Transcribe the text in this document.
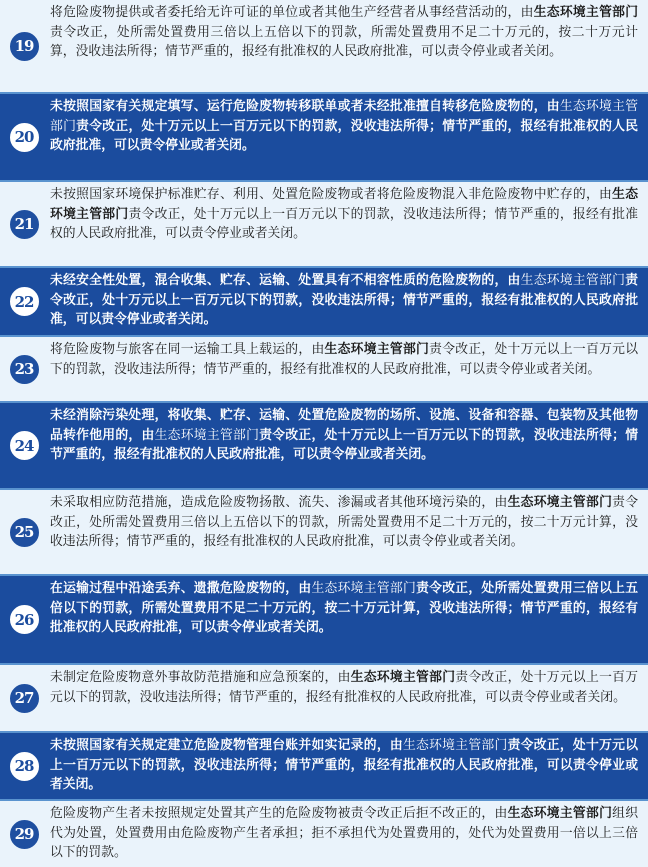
19
将危险废物提供或者委托给无许可证的单位或者其他生产经营者从事经营活动的，由生态环境主管部门责令改正，处所需处置费用三倍以上五倍以下的罚款，所需处置费用不足二十万元的，按二十万元计算，没收违法所得；情节严重的，报经有批准权的人民政府批准，可以责令停业或者关闭。
20
未按照国家有关规定填写、运行危险废物转移联单或者未经批准擅自转移危险废物的，由生态环境主管部门责令改正，处十万元以上一百万元以下的罚款，没收违法所得；情节严重的，报经有批准权的人民政府批准，可以责令停业或者关闭。
21
未按照国家环境保护标准贮存、利用、处置危险废物或者将危险废物混入非危险废物中贮存的，由生态环境主管部门责令改正，处十万元以上一百万元以下的罚款，没收违法所得；情节严重的，报经有批准权的人民政府批准，可以责令停业或者关闭。
22
未经安全性处置，混合收集、贮存、运输、处置具有不相容性质的危险废物的，由生态环境主管部门责令改正，处十万元以上一百万元以下的罚款，没收违法所得；情节严重的，报经有批准权的人民政府批准，可以责令停业或者关闭。
23
将危险废物与旅客在同一运输工具上载运的，由生态环境主管部门责令改正，处十万元以上一百万元以下的罚款，没收违法所得；情节严重的，报经有批准权的人民政府批准，可以责令停业或者关闭。
24
未经消除污染处理，将收集、贮存、运输、处置危险废物的场所、设施、设备和容器、包装物及其他物品转作他用的，由生态环境主管部门责令改正，处十万元以上一百万元以下的罚款，没收违法所得；情节严重的，报经有批准权的人民政府批准，可以责令停业或者关闭。
25
未采取相应防范措施，造成危险废物扬散、流失、渗漏或者其他环境污染的，由生态环境主管部门责令改正，处所需处置费用三倍以上五倍以下的罚款，所需处置费用不足二十万元的，按二十万元计算，没收违法所得；情节严重的，报经有批准权的人民政府批准，可以责令停业或者关闭。
26
在运输过程中沿途丢弃、遗撒危险废物的，由生态环境主管部门责令改正，处所需处置费用三倍以上五倍以下的罚款，所需处置费用不足二十万元的，按二十万元计算，没收违法所得；情节严重的，报经有批准权的人民政府批准，可以责令停业或者关闭。
27
未制定危险废物意外事故防范措施和应急预案的，由生态环境主管部门责令改正，处十万元以上一百万元以下的罚款，没收违法所得；情节严重的，报经有批准权的人民政府批准，可以责令停业或者关闭。
28
未按照国家有关规定建立危险废物管理台账并如实记录的，由生态环境主管部门责令改正，处十万元以上一百万元以下的罚款，没收违法所得；情节严重的，报经有批准权的人民政府批准，可以责令停业或者关闭。
29
危险废物产生者未按照规定处置其产生的危险废物被责令改正后拒不改正的，由生态环境主管部门组织代为处置，处置费用由危险废物产生者承担；拒不承担代为处置费用的，处代为处置费用一倍以上三倍以下的罚款。
